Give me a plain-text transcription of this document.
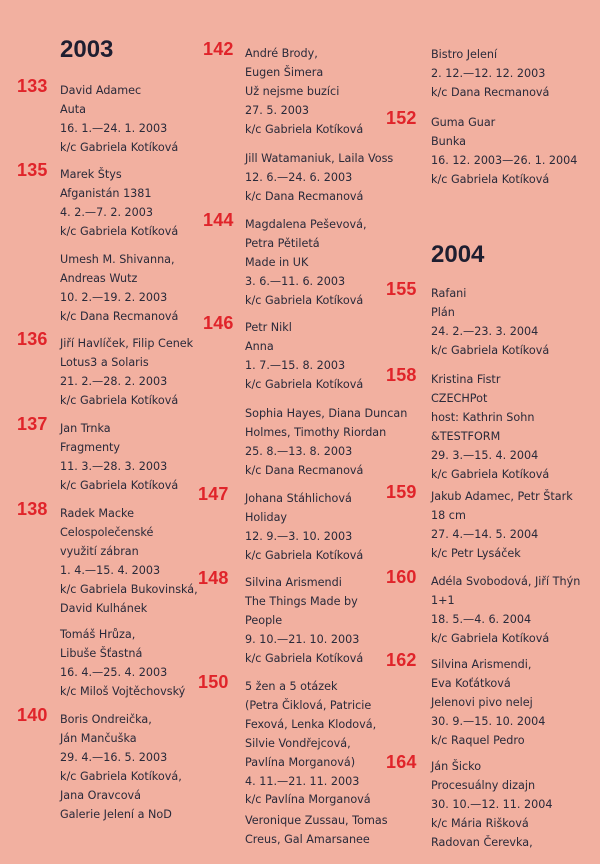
2003
133 David Adamec
Auta
16. 1.—24. 1. 2003
k/c Gabriela Kotíková
135 Marek Štys
Afganistán 1381
4. 2.—7. 2. 2003
k/c Gabriela Kotíková
Umesh M. Shivanna,
Andreas Wutz
10. 2.—19. 2. 2003
k/c Dana Recmanová
136 Jiří Havlíček, Filip Cenek
Lotus3 a Solaris
21. 2.—28. 2. 2003
k/c Gabriela Kotíková
137 Jan Trnka
Fragmenty
11. 3.—28. 3. 2003
k/c Gabriela Kotíková
138 Radek Macke
Celospolečenské
využití zábran
1. 4.—15. 4. 2003
k/c Gabriela Bukovinská,
David Kulhánek
Tomáš Hrůza,
Libuše Šťastná
16. 4.—25. 4. 2003
k/c Miloš Vojtěchovský
140 Boris Ondreička,
Ján Mančuška
29. 4.—16. 5. 2003
k/c Gabriela Kotíková,
Jana Oravcová
Galerie Jelení a NoD
142 André Brody,
Eugen Šimera
Už nejsme buzíci
27. 5. 2003
k/c Gabriela Kotíková
Jill Watamaniuk, Laila Voss
12. 6.—24. 6. 2003
k/c Dana Recmanová
144 Magdalena Peševová,
Petra Pětiletá
Made in UK
3. 6.—11. 6. 2003
k/c Gabriela Kotíková
146 Petr Nikl
Anna
1. 7.—15. 8. 2003
k/c Gabriela Kotíková
Sophia Hayes, Diana Duncan
Holmes, Timothy Riordan
25. 8.—13. 8. 2003
k/c Dana Recmanová
147 Johana Stáhlichová
Holiday
12. 9.—3. 10. 2003
k/c Gabriela Kotíková
148 Silvina Arismendi
The Things Made by
People
9. 10.—21. 10. 2003
k/c Gabriela Kotíková
150 5 žen a 5 otázek
(Petra Čiklová, Patricie
Fexová, Lenka Klodová,
Silvie Vondřejcová,
Pavlína Morganová)
4. 11.—21. 11. 2003
k/c Pavlína Morganová
Veronique Zussau, Tomas
Creus, Gal Amarsanee
Bistro Jelení
2. 12.—12. 12. 2003
k/c Dana Recmanová
152 Guma Guar
Bunka
16. 12. 2003—26. 1. 2004
k/c Gabriela Kotíková
2004
155 Rafani
Plán
24. 2.—23. 3. 2004
k/c Gabriela Kotíková
158 Kristina Fistr
CZECHPot
host: Kathrin Sohn
&TESTFORM
29. 3.—15. 4. 2004
k/c Gabriela Kotíková
159 Jakub Adamec, Petr Štark
18 cm
27. 4.—14. 5. 2004
k/c Petr Lysáček
160 Adéla Svobodová, Jiří Thýn
1+1
18. 5.—4. 6. 2004
k/c Gabriela Kotíková
162 Silvina Arismendi,
Eva Koťátková
Jelenovi pivo nelej
30. 9.—15. 10. 2004
k/c Raquel Pedro
164 Ján Šicko
Procesuálny dizajn
30. 10.—12. 11. 2004
k/c Mária Rišková
Radovan Čerevka,
